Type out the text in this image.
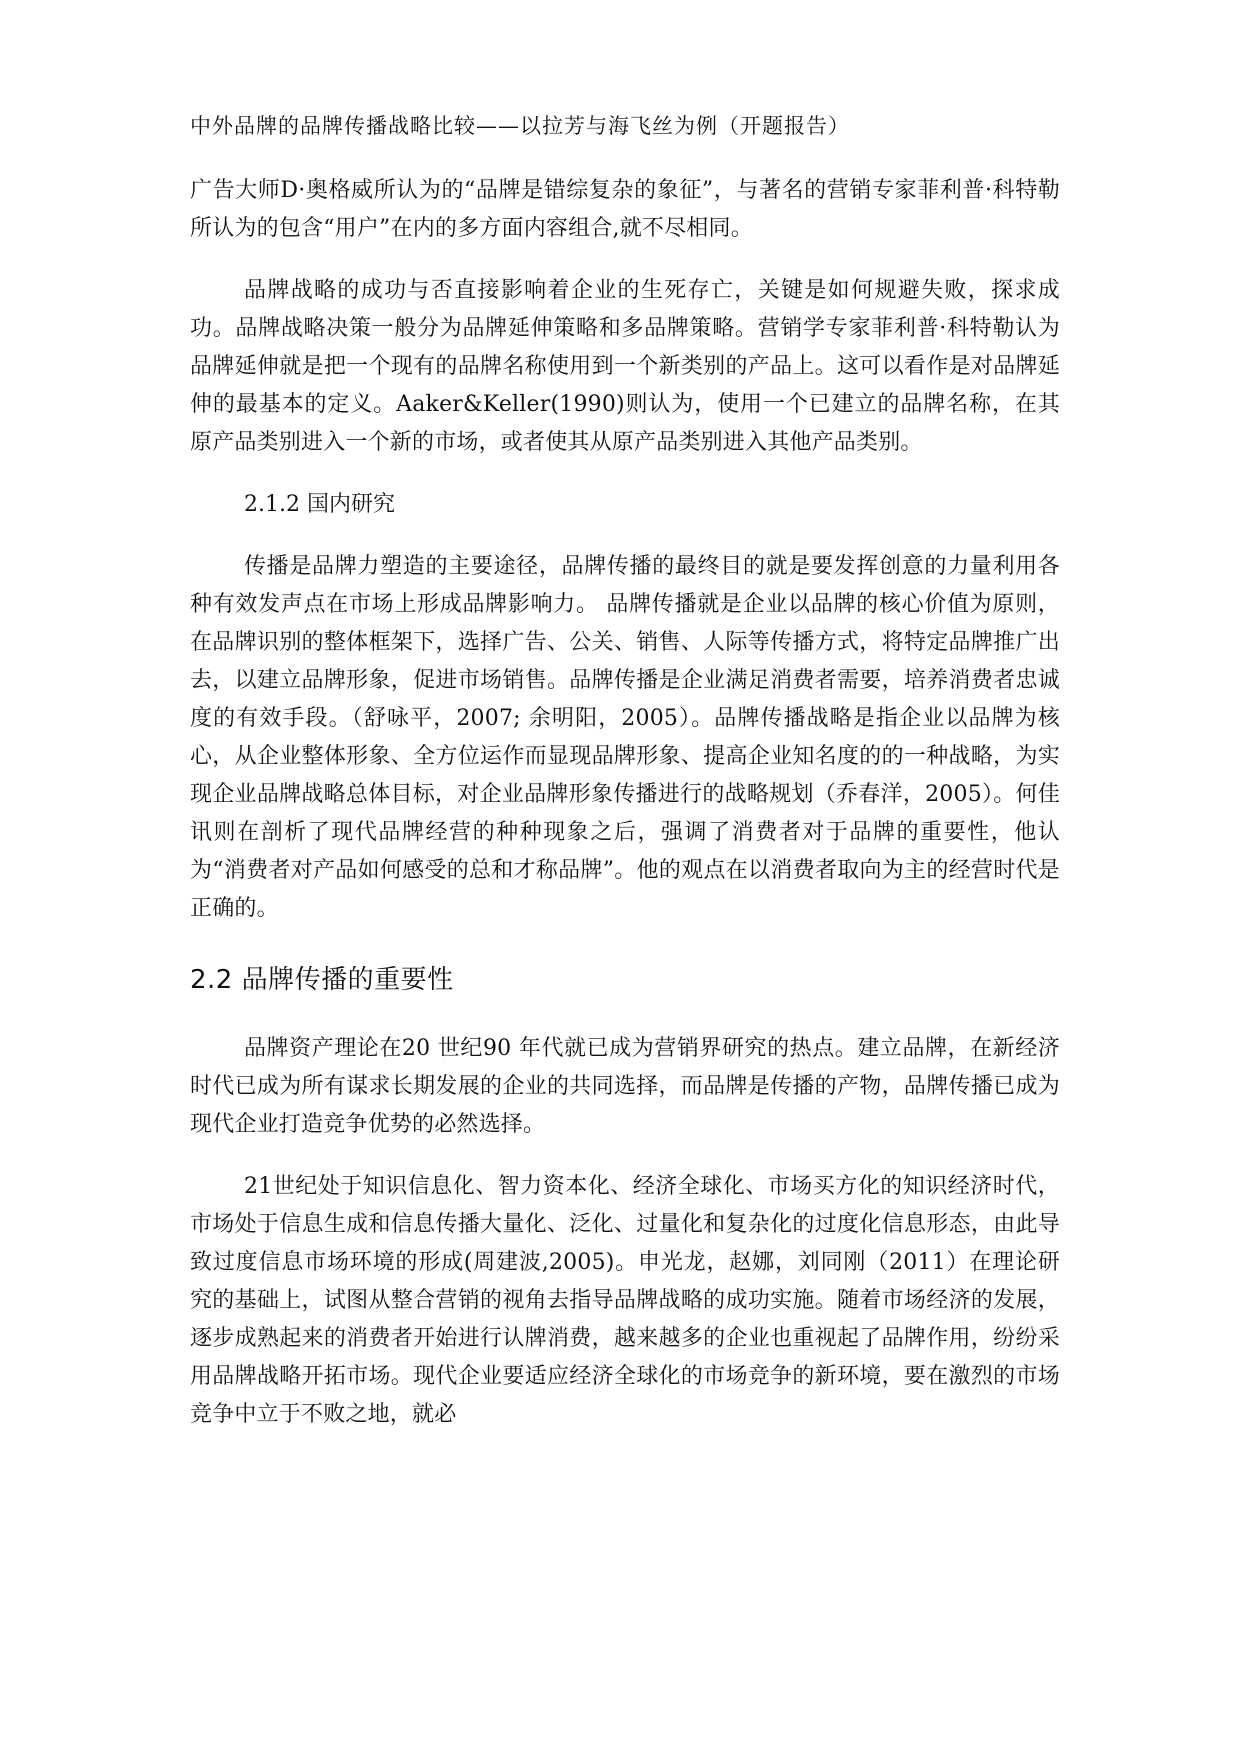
中外品牌的品牌传播战略比较——以拉芳与海飞丝为例（开题报告）

广告大师D·奥格威所认为的“品牌是错综复杂的象征”，与著名的营销专家菲利普·科特勒所认为的包含“用户”在内的多方面内容组合,就不尽相同。

品牌战略的成功与否直接影响着企业的生死存亡，关键是如何规避失败，探求成功。品牌战略决策一般分为品牌延伸策略和多品牌策略。营销学专家菲利普·科特勒认为品牌延伸就是把一个现有的品牌名称使用到一个新类别的产品上。这可以看作是对品牌延伸的最基本的定义。Aaker&Keller(1990)则认为，使用一个已建立的品牌名称，在其原产品类别进入一个新的市场，或者使其从原产品类别进入其他产品类别。

2.1.2 国内研究

传播是品牌力塑造的主要途径，品牌传播的最终目的就是要发挥创意的力量利用各种有效发声点在市场上形成品牌影响力。 品牌传播就是企业以品牌的核心价值为原则，在品牌识别的整体框架下，选择广告、公关、销售、人际等传播方式，将特定品牌推广出去，以建立品牌形象，促进市场销售。品牌传播是企业满足消费者需要，培养消费者忠诚度的有效手段。（舒咏平，2007; 余明阳，2005）。品牌传播战略是指企业以品牌为核心，从企业整体形象、全方位运作而显现品牌形象、提高企业知名度的的一种战略，为实现企业品牌战略总体目标，对企业品牌形象传播进行的战略规划（乔春洋，2005）。何佳讯则在剖析了现代品牌经营的种种现象之后，强调了消费者对于品牌的重要性，他认为“消费者对产品如何感受的总和才称品牌”。他的观点在以消费者取向为主的经营时代是正确的。

2.2 品牌传播的重要性

品牌资产理论在20 世纪90 年代就已成为营销界研究的热点。建立品牌，在新经济时代已成为所有谋求长期发展的企业的共同选择，而品牌是传播的产物，品牌传播已成为现代企业打造竞争优势的必然选择。

21世纪处于知识信息化、智力资本化、经济全球化、市场买方化的知识经济时代，市场处于信息生成和信息传播大量化、泛化、过量化和复杂化的过度化信息形态，由此导致过度信息市场环境的形成(周建波,2005)。申光龙，赵娜，刘同刚（2011）在理论研究的基础上，试图从整合营销的视角去指导品牌战略的成功实施。随着市场经济的发展，逐步成熟起来的消费者开始进行认牌消费，越来越多的企业也重视起了品牌作用，纷纷采用品牌战略开拓市场。现代企业要适应经济全球化的市场竞争的新环境，要在激烈的市场竞争中立于不败之地，就必
